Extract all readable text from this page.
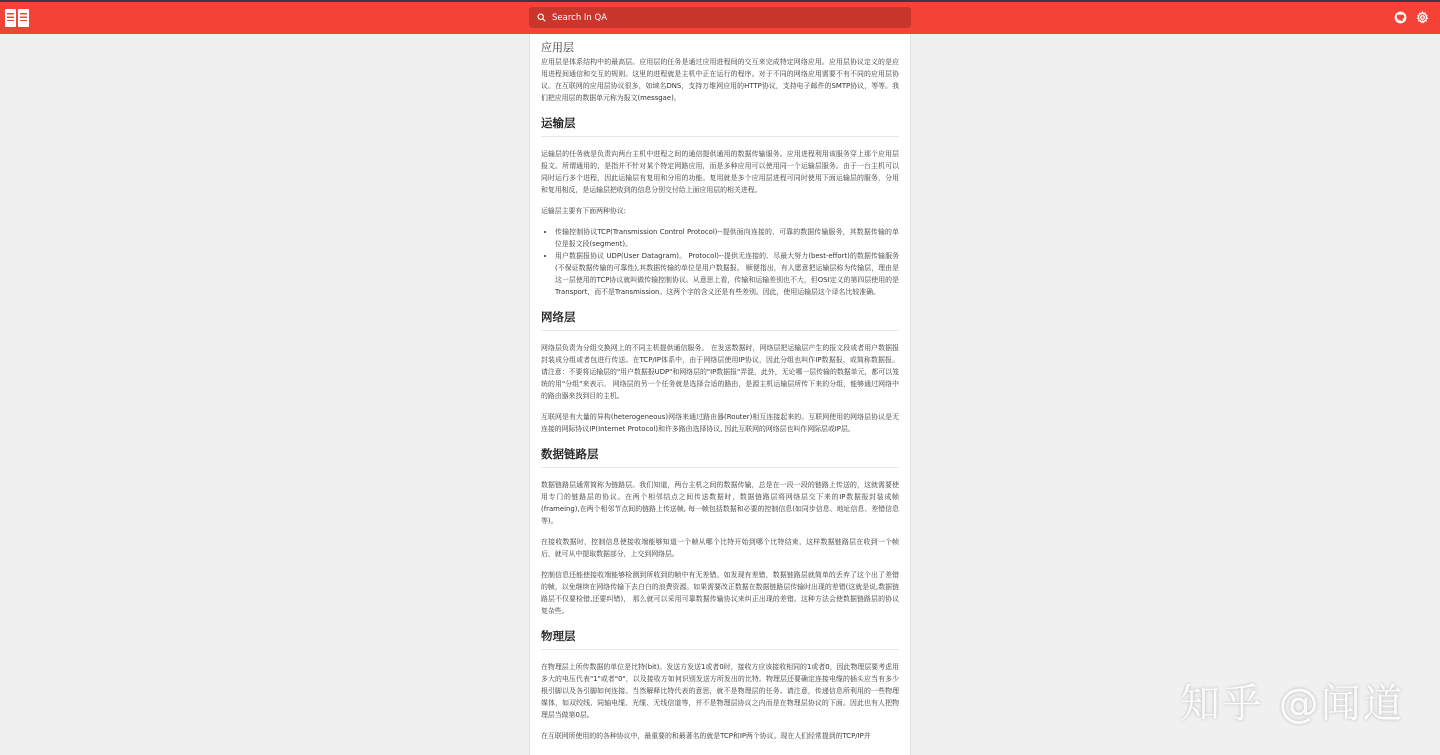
Search In QA
$^{应用层}$

应用层是体系结构中的最高层。应用层的任务是通过应用进程间的交互来完成特定网络应用。应用层协议定义的是应用进程间通信和交互的规则。这里的进程就是主机中正在运行的程序。对于不同的网络应用需要不有不同的应用层协议。在互联网的应用层协议很多，如域名DNS，支持万维网应用的HTTP协议，支持电子邮件的SMTP协议，等等。我们把应用层的数据单元称为报文(messgae)。

运输层

运输层的任务就是负责向两台主机中进程之间的通信提供通用的数据传输服务。应用进程利用该服务穿上那个应用层报文。所谓通用的，是指并不针对某个特定网路应用，而是多种应用可以使用同一个运输层服务。由于一台主机可以同时运行多个进程，因此运输层有复用和分用的功能。复用就是多个应用层进程可同时使用下面运输层的服务，分用和复用相反，是运输层把收到的信息分别交付给上面应用层的相关进程。

运输层主要有下面两种协议:

• 传输控制协议TCP(Transmission Control Protocol)--提供面向连接的、可靠的数据传输服务，其数据传输的单位是报文段(segment)。
• 用户数据报协议 UDP(User Datagram)。 Protocol)--提供无连接的、尽最大努力(best-effort)的数据传输服务(不保证数据传输的可靠性),其数据传输的单位是用户数据报。 顺便指出，有人愿意把运输层称为传输层，理由是这一层使用的TCP协议就叫做传输控制协议。从意思上看，传输和运输差别也不大，但OSI定义的第四层使用的是Transport，而不是Transmission。这两个字的含义还是有些差别。因此，使用运输层这个译名比较准确。
网络层

网络层负责为分组交换网上的不同主机提供通信服务。 在发送数据时，网络层把运输层产生的报文段或者用户数据报封装成分组或者包进行传送。在TCP/IP体系中，由于网络层使用IP协议，因此分组也叫作IP数据报，或简称数据报。 请注意：不要将运输层的"用户数据报UDP"和网络层的"IP数据报"弄混，此外，无论哪一层传输的数据单元，都可以笼统的用"分组"来表示。 网络层的另一个任务就是选择合适的路由，是源主机运输层所传下来的分组，能够通过网络中的路由器来找到目的主机。

互联网是有大量的异构(heterogeneous)网络来通过路由器(Router)相互连接起来的。互联网使用的网络层协议是无连接的网际协议IP(Internet Protocol)和许多路由选择协议, 因此互联网的网络层也叫作网际层或IP层。

数据链路层

数据链路层通常简称为链路层。我们知道，两台主机之间的数据传输，总是在一段一段的链路上传送的，这就需要使用专门的链路层的协议。在两个相邻结点之间传送数据时，数据链路层将网络层交下来的IP数据报封装成帧(frameing),在两个相邻节点间的链路上传送帧, 每一帧包括数据和必要的控制信息(如同步信息、地址信息、差错信息等)。

在接收数据时，控制信息使接收端能够知道一个帧从哪个比特开始到哪个比特结束，这样数据链路层在收到一个帧后，就可从中提取数据部分，上交到网络层。

控制信息还能使接收端能够检测到所收到的帧中有无差错。如发现有差错，数据链路层就简单的丢弃了这个出了差错的帧，以免继续在网络传输下去白白的浪费资源。如果需要改正数据在数据链路层传输时出现的差错(这就是说,数据链路层不仅要检错,还要纠错)， 那么就可以采用可靠数据传输协议来纠正出现的差错。这种方法会使数据链路层的协议复杂些。

物理层

在物理层上所传数据的单位是比特(bit)。发送方发送1或者0时，接收方应该接收相同的1或者0，因此物理层要考虑用多大的电压代表"1"或者"0"，以及接收方如何识别发送方所发出的比特。物理层还要确定连接电缆的插头应当有多少根引脚以及各引脚如何连接。当然解释比特代表的意思，就不是物理层的任务。请注意，传递信息所利用的一些物理媒体，如双绞线、同轴电缆、光缆、无线信道等，并不是物理层协议之内而是在物理层协议的下面。因此也有人把物理层当做第0层。

在互联网所使用的的各种协议中，最重要的和最著名的就是TCP和IP两个协议。现在人们经常提到的TCP/IP并

知乎 @闻道
